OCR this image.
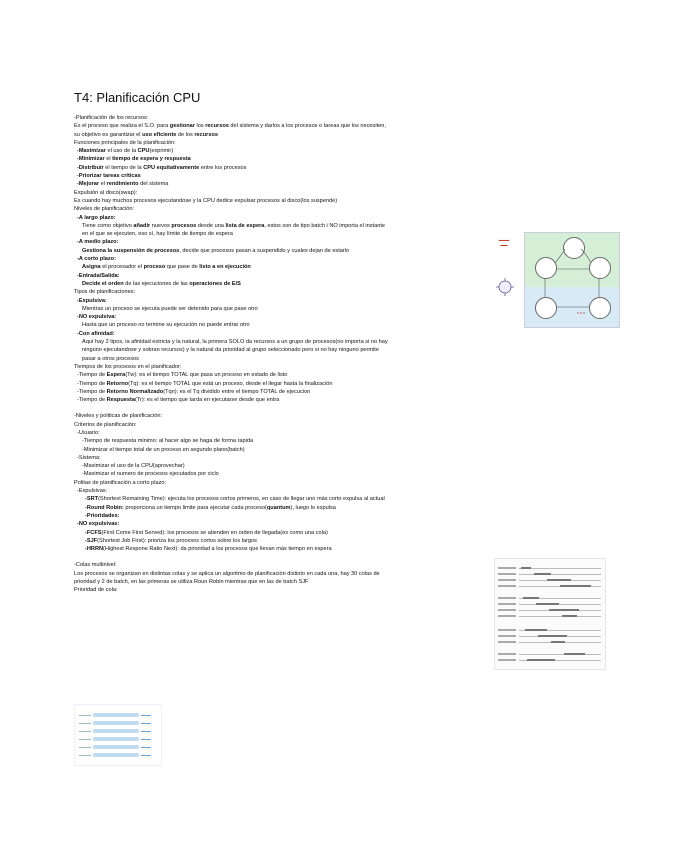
T4: Planificación CPU
-Planificación de los recursos:
Es el proceso que realiza el S.O. para gestionar los recursos del sistema y darlos a los procesos o tareas que los necesiten,
su objetivo es garantizar el uso eficiente de los recursos
Funciones principales de la planificación:
-Maximizar el uso de la CPU(exprimir)
-Minimizar el tiempo de espera y respuesta
-Distribuir el tiempo de la CPU equitativamente entre los procesos
-Priorizar tareas críticas
-Mejorar el rendimiento del sistema
Expulsión al disco(swap):
Es cuando hay muchos procesos ejecutandose y la CPU dedice expulsar procesos al disco(los suspende)
Niveles de planificación:
-A largo plazo:
Tiene como objetivo añadir nuevos procesos desde una lista de espera, estos son de tipo batch i NO importa el instante
en el que se ejecuten, eso sí, hay límite de tiempo de espera
-A medio plazo:
Gestiona la suspensión de procesos, decide que procesos pasan a suspendido y cuales dejan de estarlo
-A corto plazo:
Asigna el procesador el proceso que pase de listo a en ejecución
-Entrada/Salida:
Decide el orden de las ejecuciones de las operaciones de E/S
Tipos de planificaciones:
-Expulsiva:
Mientras un proceso se ejecuta puede ser detenido para que pase otro
-NO expulsiva:
Hasta que un proceso no termine su ejecución no puede entrar otro
-Con afinidad:
Aquí hay 2 tipos, la afinidad estricta y la natural, la primera SOLO da recursos a un grupo de procesos(no importa si no hay
ninguno ejecutandose y sobran recursos) y la natural da prioridad al grupo seleccionado pero si no hay ninguno permite
pasar a otros procesos
Tiempos de los procesos en el planificador:
-Tiempo de Espera(Tw): es el tiempo TOTAL que pasa un proceso en estado de listo
-Tiempo de Retorno(Tq): es el tiempo TOTAL que está un proceso, desde el llegar hasta la finalización
-Tiempo de Retorno Normalizado(Tqn): es el Tq dividido entre el tiempo TOTAL de ejecucion
-Tiempo de Respuesta(Tr): es el tiempo que tarda en ejecutarse desde que entra
-Niveles y politicas de planificación:
Criterios de planificación:
-Usuario:
-Tiempo de respuesta minimo: al hacer algo se haga de forma rapida
-Minimizar el tiempo total de un proceso en segundo plano(batch)
-Sistema:
-Maximizar el uso de la CPU(aprovechar)
-Maximizar el numero de procesos ejecutados por ciclo
Politas de planificación a corto plazo:
-Expulsivas:
-SRT(Shortest Remaining Time): ejecuta los procesos cortos primeros, en caso de llegar uno más corto expulsa al actual
-Round Robin: proporciona un tiempo limite para ejecutar cada proceso(quantum), luego lo expulsa
-Prioridades:
-NO expulsivas:
-FCFS(First Come First Served): los procesos se atienden en orden de llegada(es como una cola)
-SJF(Shortest Job First): prioriza los procesos cortos sobre los largos
-HRRN(Highest Respone Ratio Next): da prioridad a los procesos que llevan más tiempo en espera
-Colas multinivel:
Los procesos se organizan en distintas colas y se aplica un algoritmo de planificación distinto en cada una, hay 30 colas de
prioridad y 2 de batch, en las primeras se utiliza Roun Robin mientras que en las de batch SJF
Prioridad de cola:
▬▬▬
▬▬
